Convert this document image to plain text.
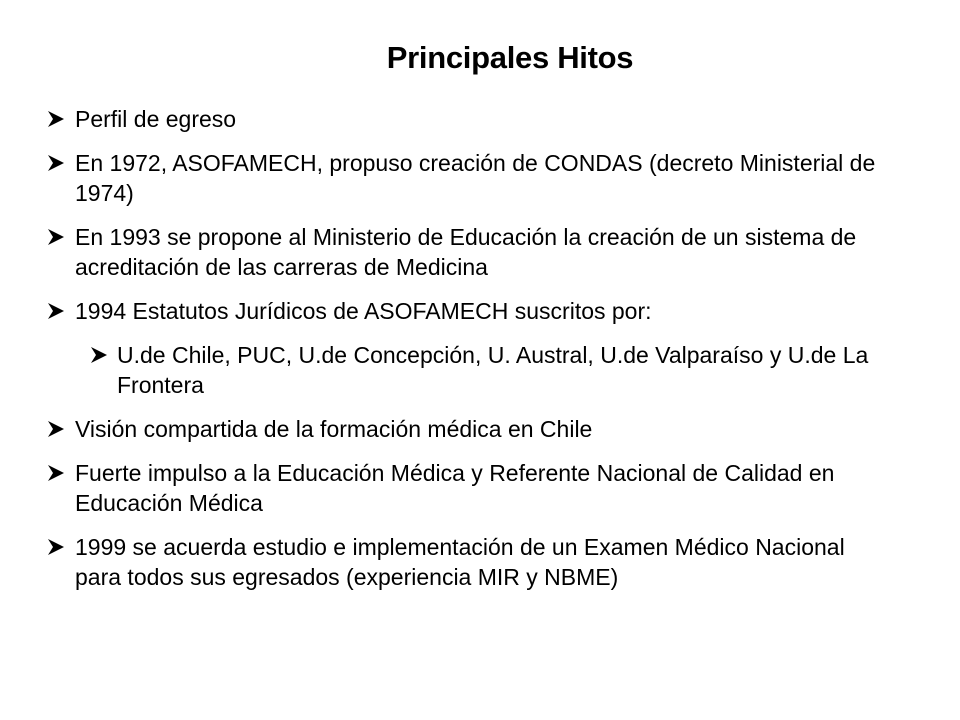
Principales Hitos
Perfil de egreso
En 1972, ASOFAMECH, propuso creación de CONDAS (decreto Ministerial de 1974)
En 1993 se propone al Ministerio de Educación la creación de un sistema de acreditación de las carreras de Medicina
1994 Estatutos Jurídicos de ASOFAMECH suscritos por:
U.de Chile, PUC, U.de Concepción, U. Austral, U.de Valparaíso y U.de La Frontera
Visión compartida de la formación médica en Chile
Fuerte impulso a la Educación Médica y Referente Nacional de Calidad en Educación Médica
1999 se acuerda estudio e implementación de un Examen Médico Nacional para todos sus egresados (experiencia MIR y NBME)
